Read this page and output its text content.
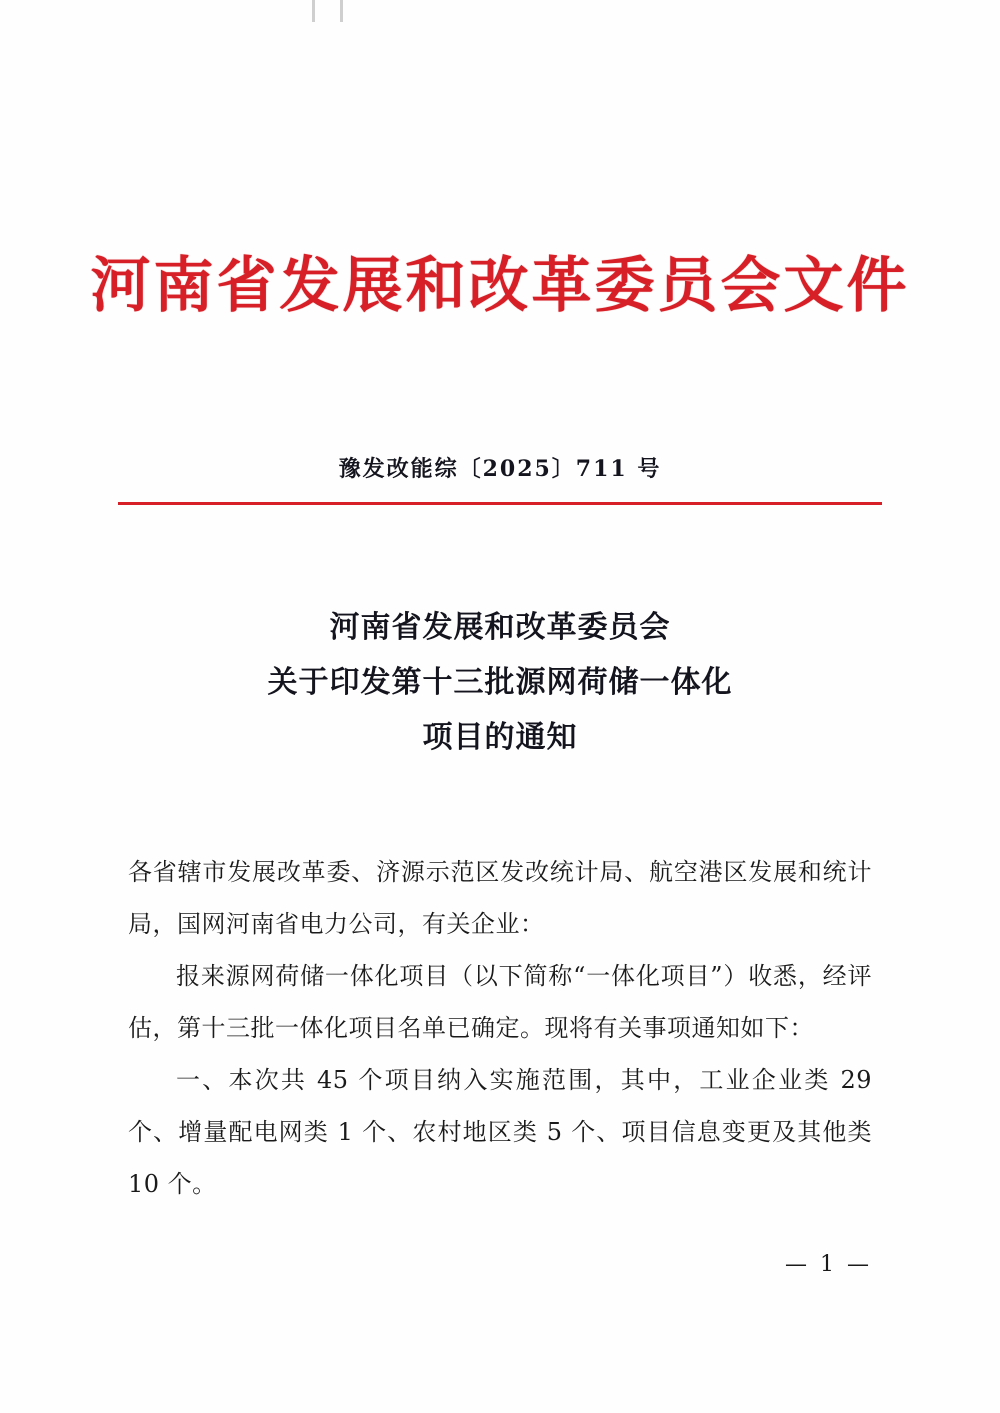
河南省发展和改革委员会文件
豫发改能综〔2025〕711 号
河南省发展和改革委员会
关于印发第十三批源网荷储一体化
项目的通知

各省辖市发展改革委、济源示范区发改统计局、航空港区发展和统计局，国网河南省电力公司，有关企业：

报来源网荷储一体化项目（以下简称“一体化项目”）收悉，经评估，第十三批一体化项目名单已确定。现将有关事项通知如下：

一、本次共 45 个项目纳入实施范围，其中，工业企业类 29 个、增量配电网类 1 个、农村地区类 5 个、项目信息变更及其他类 10 个。

— 1 —
